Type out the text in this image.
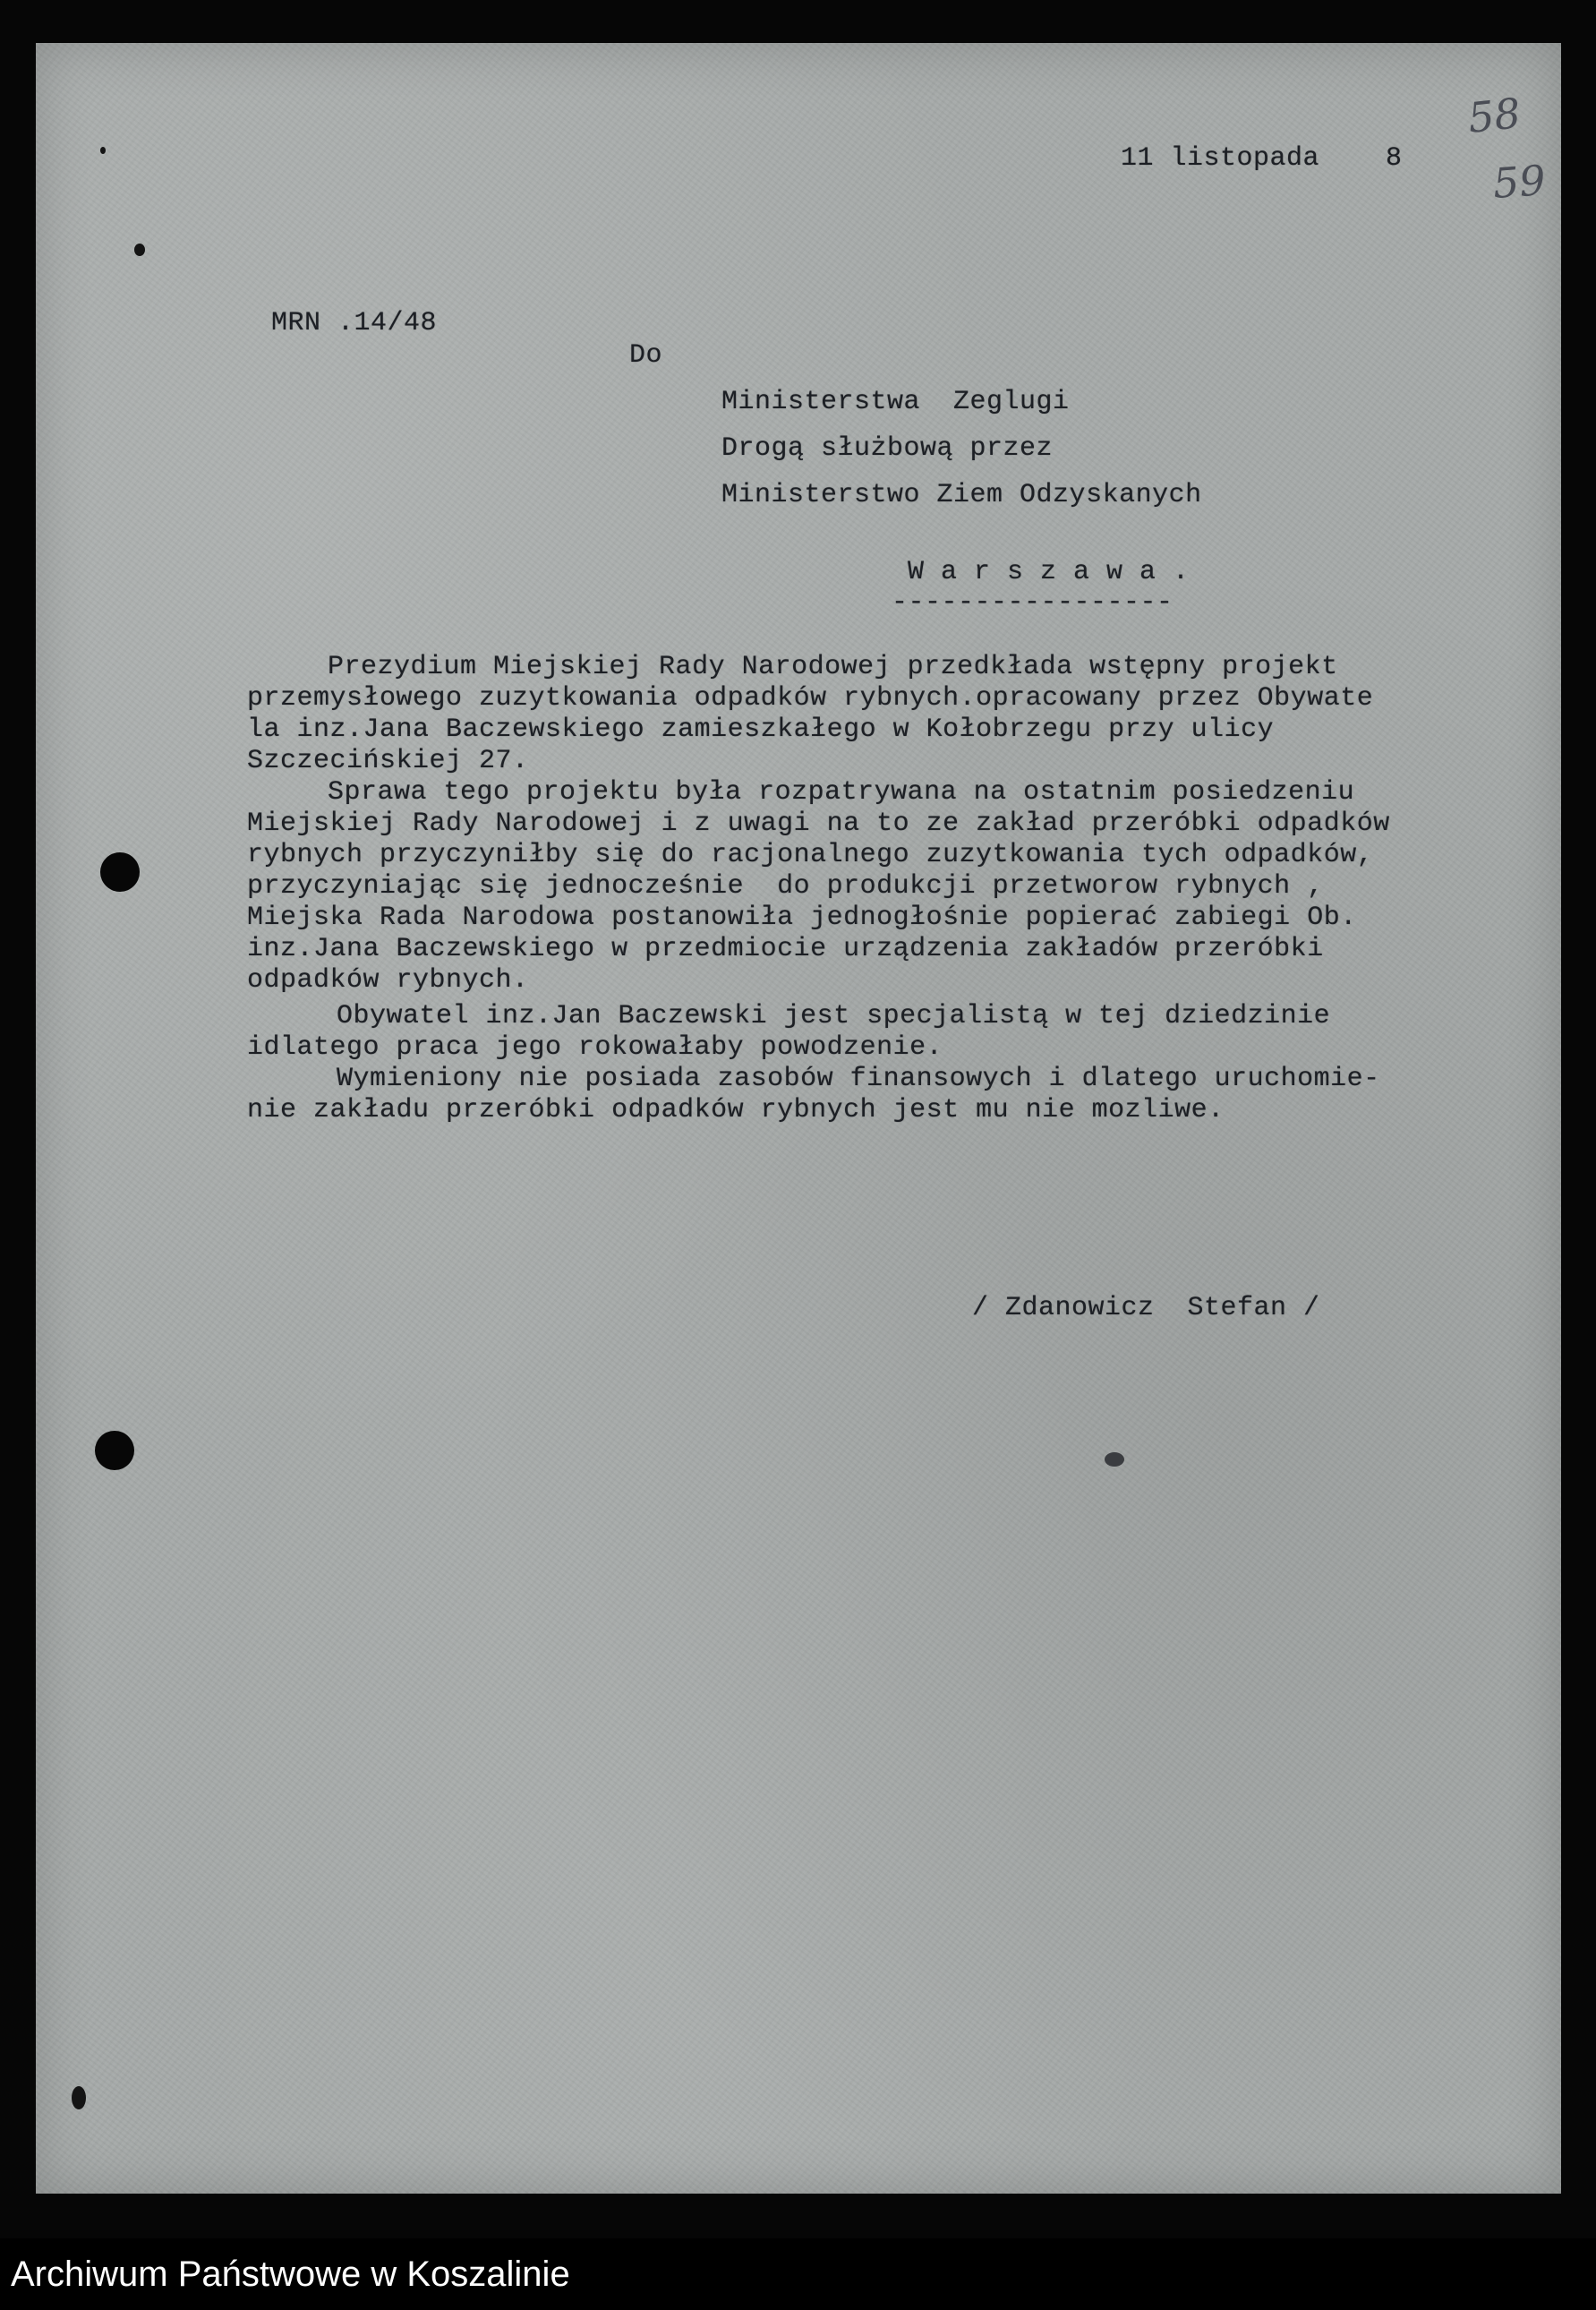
58
59
11 listopada    8
MRN .14/48
Do
Ministerstwa  Zeglugi
Drogą służbową przez
Ministerstwo Ziem Odzyskanych
W a r s z a w a .
-----------------
Prezydium Miejskiej Rady Narodowej przedkłada wstępny projekt
przemysłowego zuzytkowania odpadków rybnych.opracowany przez Obywate
la inz.Jana Baczewskiego zamieszkałego w Kołobrzegu przy ulicy
Szczecińskiej 27.
Sprawa tego projektu była rozpatrywana na ostatnim posiedzeniu
Miejskiej Rady Narodowej i z uwagi na to ze zakład przeróbki odpadków
rybnych przyczyniłby się do racjonalnego zuzytkowania tych odpadków,
przyczyniając się jednocześnie  do produkcji przetworow rybnych ,
Miejska Rada Narodowa postanowiła jednogłośnie popierać zabiegi Ob.
inz.Jana Baczewskiego w przedmiocie urządzenia zakładów przeróbki
odpadków rybnych.
Obywatel inz.Jan Baczewski jest specjalistą w tej dziedzinie
idlatego praca jego rokowałaby powodzenie.
Wymieniony nie posiada zasobów finansowych i dlatego uruchomie-
nie zakładu przeróbki odpadków rybnych jest mu nie mozliwe.
/ Zdanowicz  Stefan /
Archiwum Państwowe w Koszalinie
